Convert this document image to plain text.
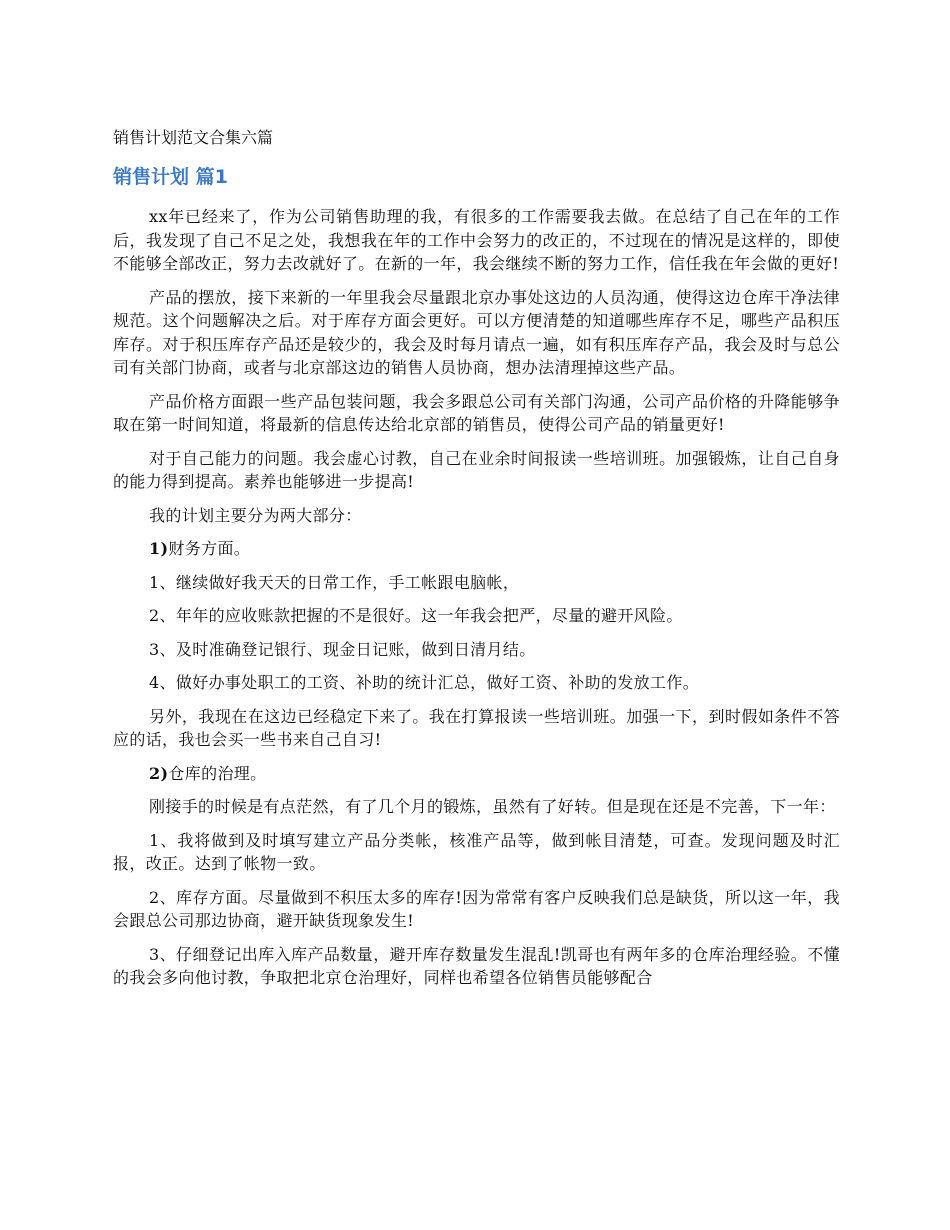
销售计划范文合集六篇
销售计划 篇1

xx年已经来了，作为公司销售助理的我，有很多的工作需要我去做。在总结了自己在年的工作后，我发现了自己不足之处，我想我在年的工作中会努力的改正的，不过现在的情况是这样的，即使不能够全部改正，努力去改就好了。在新的一年，我会继续不断的努力工作，信任我在年会做的更好!

产品的摆放，接下来新的一年里我会尽量跟北京办事处这边的人员沟通，使得这边仓库干净法律规范。这个问题解决之后。对于库存方面会更好。可以方便清楚的知道哪些库存不足，哪些产品积压库存。对于积压库存产品还是较少的，我会及时每月请点一遍，如有积压库存产品，我会及时与总公司有关部门协商，或者与北京部这边的销售人员协商，想办法清理掉这些产品。

产品价格方面跟一些产品包装问题，我会多跟总公司有关部门沟通，公司产品价格的升降能够争取在第一时间知道，将最新的信息传达给北京部的销售员，使得公司产品的销量更好!

对于自己能力的问题。我会虚心讨教，自己在业余时间报读一些培训班。加强锻炼，让自己自身的能力得到提高。素养也能够进一步提高!

我的计划主要分为两大部分：

1)财务方面。

1、继续做好我天天的日常工作，手工帐跟电脑帐，

2、年年的应收账款把握的不是很好。这一年我会把严，尽量的避开风险。

3、及时准确登记银行、现金日记账，做到日清月结。

4、做好办事处职工的工资、补助的统计汇总，做好工资、补助的发放工作。

另外，我现在在这边已经稳定下来了。我在打算报读一些培训班。加强一下，到时假如条件不答应的话，我也会买一些书来自己自习!

2)仓库的治理。

刚接手的时候是有点茫然，有了几个月的锻炼，虽然有了好转。但是现在还是不完善，下一年：

1、我将做到及时填写建立产品分类帐，核准产品等，做到帐目清楚，可查。发现问题及时汇报，改正。达到了帐物一致。

2、库存方面。尽量做到不积压太多的库存!因为常常有客户反映我们总是缺货，所以这一年，我会跟总公司那边协商，避开缺货现象发生!

3、仔细登记出库入库产品数量，避开库存数量发生混乱!凯哥也有两年多的仓库治理经验。不懂的我会多向他讨教，争取把北京仓治理好，同样也希望各位销售员能够配合
